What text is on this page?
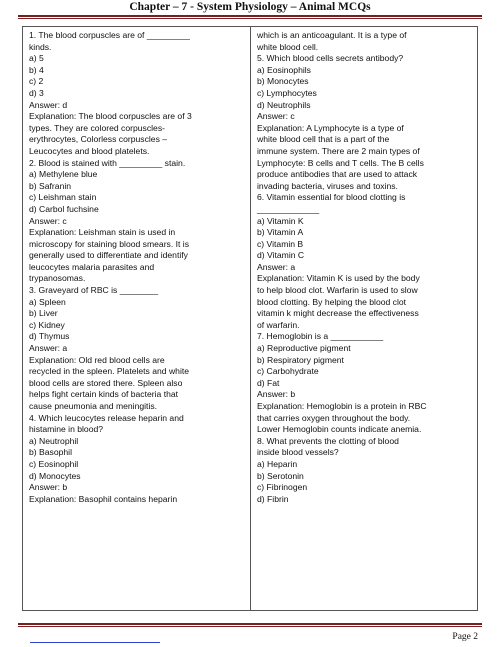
Chapter – 7 - System Physiology – Animal MCQs
1. The blood corpuscles are of _________
kinds.
a) 5
b) 4
c) 2
d) 3
Answer: d
Explanation: The blood corpuscles are of 3
types. They are colored corpuscles-
erythrocytes, Colorless corpuscles –
Leucocytes and blood platelets.
2. Blood is stained with _________ stain.
a) Methylene blue
b) Safranin
c) Leishman stain
d) Carbol fuchsine
Answer: c
Explanation: Leishman stain is used in
microscopy for staining blood smears. It is
generally used to differentiate and identify
leucocytes malaria parasites and
trypanosomas.
3. Graveyard of RBC is ________
a) Spleen
b) Liver
c) Kidney
d) Thymus
Answer: a
Explanation: Old red blood cells are
recycled in the spleen. Platelets and white
blood cells are stored there. Spleen also
helps fight certain kinds of bacteria that
cause pneumonia and meningitis.
4. Which leucocytes release heparin and
histamine in blood?
a) Neutrophil
b) Basophil
c) Eosinophil
d) Monocytes
Answer: b
Explanation: Basophil contains heparin
which is an anticoagulant. It is a type of
white blood cell.
5. Which blood cells secrets antibody?
a) Eosinophils
b) Monocytes
c) Lymphocytes
d) Neutrophils
Answer: c
Explanation: A Lymphocyte is a type of
white blood cell that is a part of the
immune system. There are 2 main types of
Lymphocyte: B cells and T cells. The B cells
produce antibodies that are used to attack
invading bacteria, viruses and toxins.
6. Vitamin essential for blood clotting is
_____________
a) Vitamin K
b) Vitamin A
c) Vitamin B
d) Vitamin C
Answer: a
Explanation: Vitamin K is used by the body
to help blood clot. Warfarin is used to slow
blood clotting. By helping the blood clot
vitamin k might decrease the effectiveness
of warfarin.
7. Hemoglobin is a ___________
a) Reproductive pigment
b) Respiratory pigment
c) Carbohydrate
d) Fat
Answer: b
Explanation: Hemoglobin is a protein in RBC
that carries oxygen throughout the body.
Lower Hemoglobin counts indicate anemia.
8. What prevents the clotting of blood
inside blood vessels?
a) Heparin
b) Serotonin
c) Fibrinogen
d) Fibrin
Page 2
